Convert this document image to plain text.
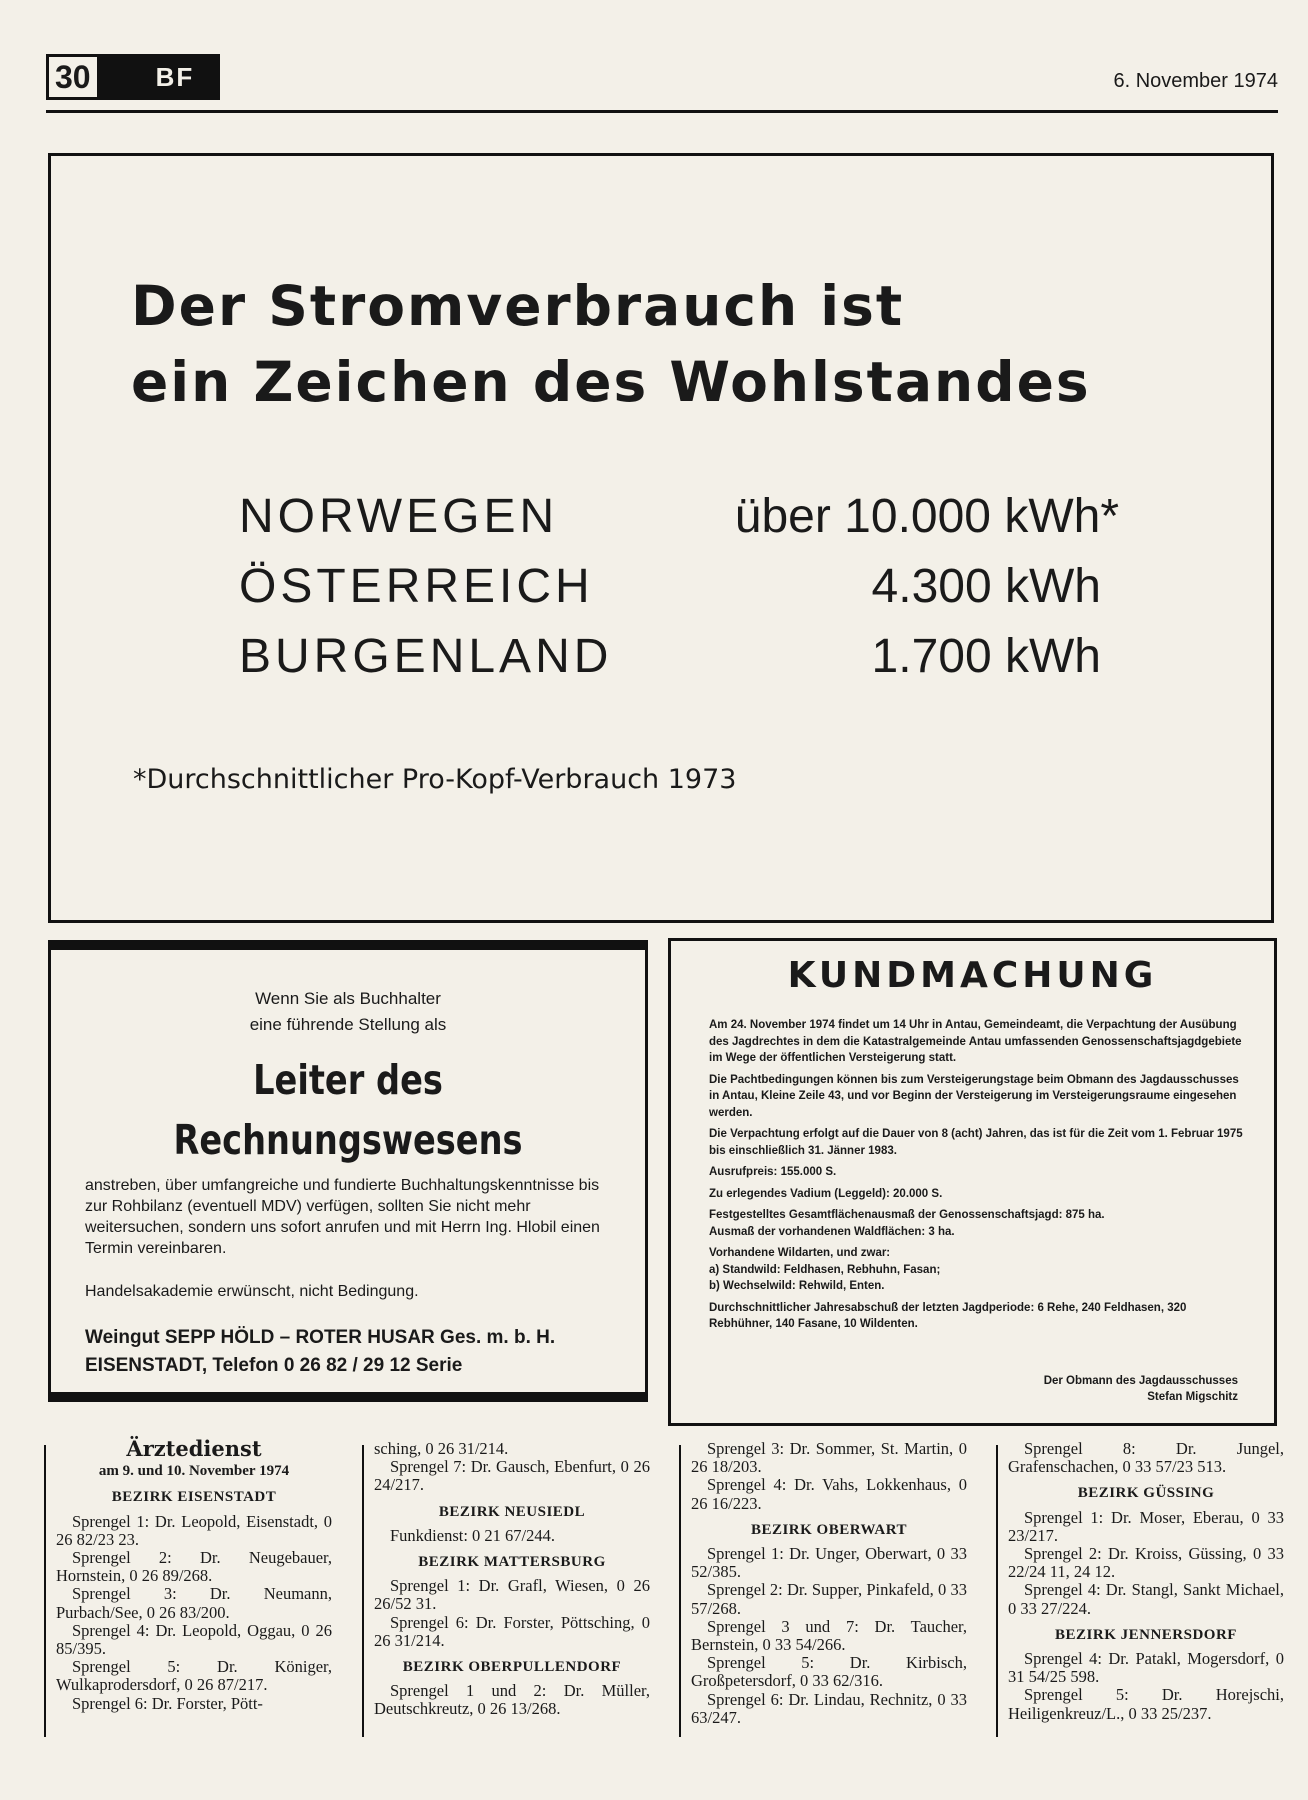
30	BF	6. November 1974
Der Stromverbrauch ist
ein Zeichen des Wohlstandes
NORWEGEN	über 10.000 kWh*
ÖSTERREICH	4.300 kWh
BURGENLAND	1.700 kWh
*Durchschnittlicher Pro-Kopf-Verbrauch 1973
Wenn Sie als Buchhalter
eine führende Stellung als
Leiter des
Rechnungswesens
anstreben, über umfangreiche und fundierte Buchhaltungskenntnisse bis zur Rohbilanz (eventuell MDV) verfügen, sollten Sie nicht mehr weitersuchen, sondern uns sofort anrufen und mit Herrn Ing. Hlobil einen Termin vereinbaren.
Handelsakademie erwünscht, nicht Bedingung.
Weingut SEPP HÖLD – ROTER HUSAR Ges. m. b. H.
EISENSTADT, Telefon 0 26 82 / 29 12 Serie
KUNDMACHUNG

Am 24. November 1974 findet um 14 Uhr in Antau, Gemeindeamt, die Verpachtung der Ausübung des Jagdrechtes in dem die Katastralgemeinde Antau umfassenden Genossenschaftsjagdgebiete im Wege der öffentlichen Versteigerung statt.

Die Pachtbedingungen können bis zum Versteigerungstage beim Obmann des Jagdausschusses in Antau, Kleine Zeile 43, und vor Beginn der Versteigerung im Versteigerungsraume eingesehen werden.

Die Verpachtung erfolgt auf die Dauer von 8 (acht) Jahren, das ist für die Zeit vom 1. Februar 1975 bis einschließlich 31. Jänner 1983.

Ausrufpreis: 155.000 S.

Zu erlegendes Vadium (Leggeld): 20.000 S.

Festgestelltes Gesamtflächenausmaß der Genossenschaftsjagd: 875 ha.

Ausmaß der vorhandenen Waldflächen: 3 ha.

Vorhandene Wildarten, und zwar:

a) Standwild: Feldhasen, Rebhuhn, Fasan;

b) Wechselwild: Rehwild, Enten.

Durchschnittlicher Jahresabschuß der letzten Jagdperiode: 6 Rehe, 240 Feldhasen, 320 Rebhühner, 140 Fasane, 10 Wildenten.

Der Obmann des Jagdausschusses
Stefan Migschitz
Ärztedienst
am 9. und 10. November 1974

BEZIRK EISENSTADT

Sprengel 1: Dr. Leopold, Eisenstadt, 0 26 82/23 23.

Sprengel 2: Dr. Neugebauer, Hornstein, 0 26 89/268.

Sprengel 3: Dr. Neumann, Purbach/See, 0 26 83/200.

Sprengel 4: Dr. Leopold, Oggau, 0 26 85/395.

Sprengel 5: Dr. Königer, Wulkaprodersdorf, 0 26 87/217.

Sprengel 6: Dr. Forster, Pött-

sching, 0 26 31/214.

Sprengel 7: Dr. Gausch, Ebenfurt, 0 26 24/217.

BEZIRK NEUSIEDL

Funkdienst: 0 21 67/244.

BEZIRK MATTERSBURG

Sprengel 1: Dr. Grafl, Wiesen, 0 26 26/52 31.

Sprengel 6: Dr. Forster, Pöttsching, 0 26 31/214.

BEZIRK OBERPULLENDORF

Sprengel 1 und 2: Dr. Müller, Deutschkreutz, 0 26 13/268.

Sprengel 3: Dr. Sommer, St. Martin, 0 26 18/203.

Sprengel 4: Dr. Vahs, Lokkenhaus, 0 26 16/223.

BEZIRK OBERWART

Sprengel 1: Dr. Unger, Oberwart, 0 33 52/385.

Sprengel 2: Dr. Supper, Pinkafeld, 0 33 57/268.

Sprengel 3 und 7: Dr. Taucher, Bernstein, 0 33 54/266.

Sprengel 5: Dr. Kirbisch, Großpetersdorf, 0 33 62/316.

Sprengel 6: Dr. Lindau, Rechnitz, 0 33 63/247.

Sprengel 8: Dr. Jungel, Grafenschachen, 0 33 57/23 513.

BEZIRK GÜSSING

Sprengel 1: Dr. Moser, Eberau, 0 33 23/217.

Sprengel 2: Dr. Kroiss, Güssing, 0 33 22/24 11, 24 12.

Sprengel 4: Dr. Stangl, Sankt Michael, 0 33 27/224.

BEZIRK JENNERSDORF

Sprengel 4: Dr. Patakl, Mogersdorf, 0 31 54/25 598.

Sprengel 5: Dr. Horejschi, Heiligenkreuz/L., 0 33 25/237.
